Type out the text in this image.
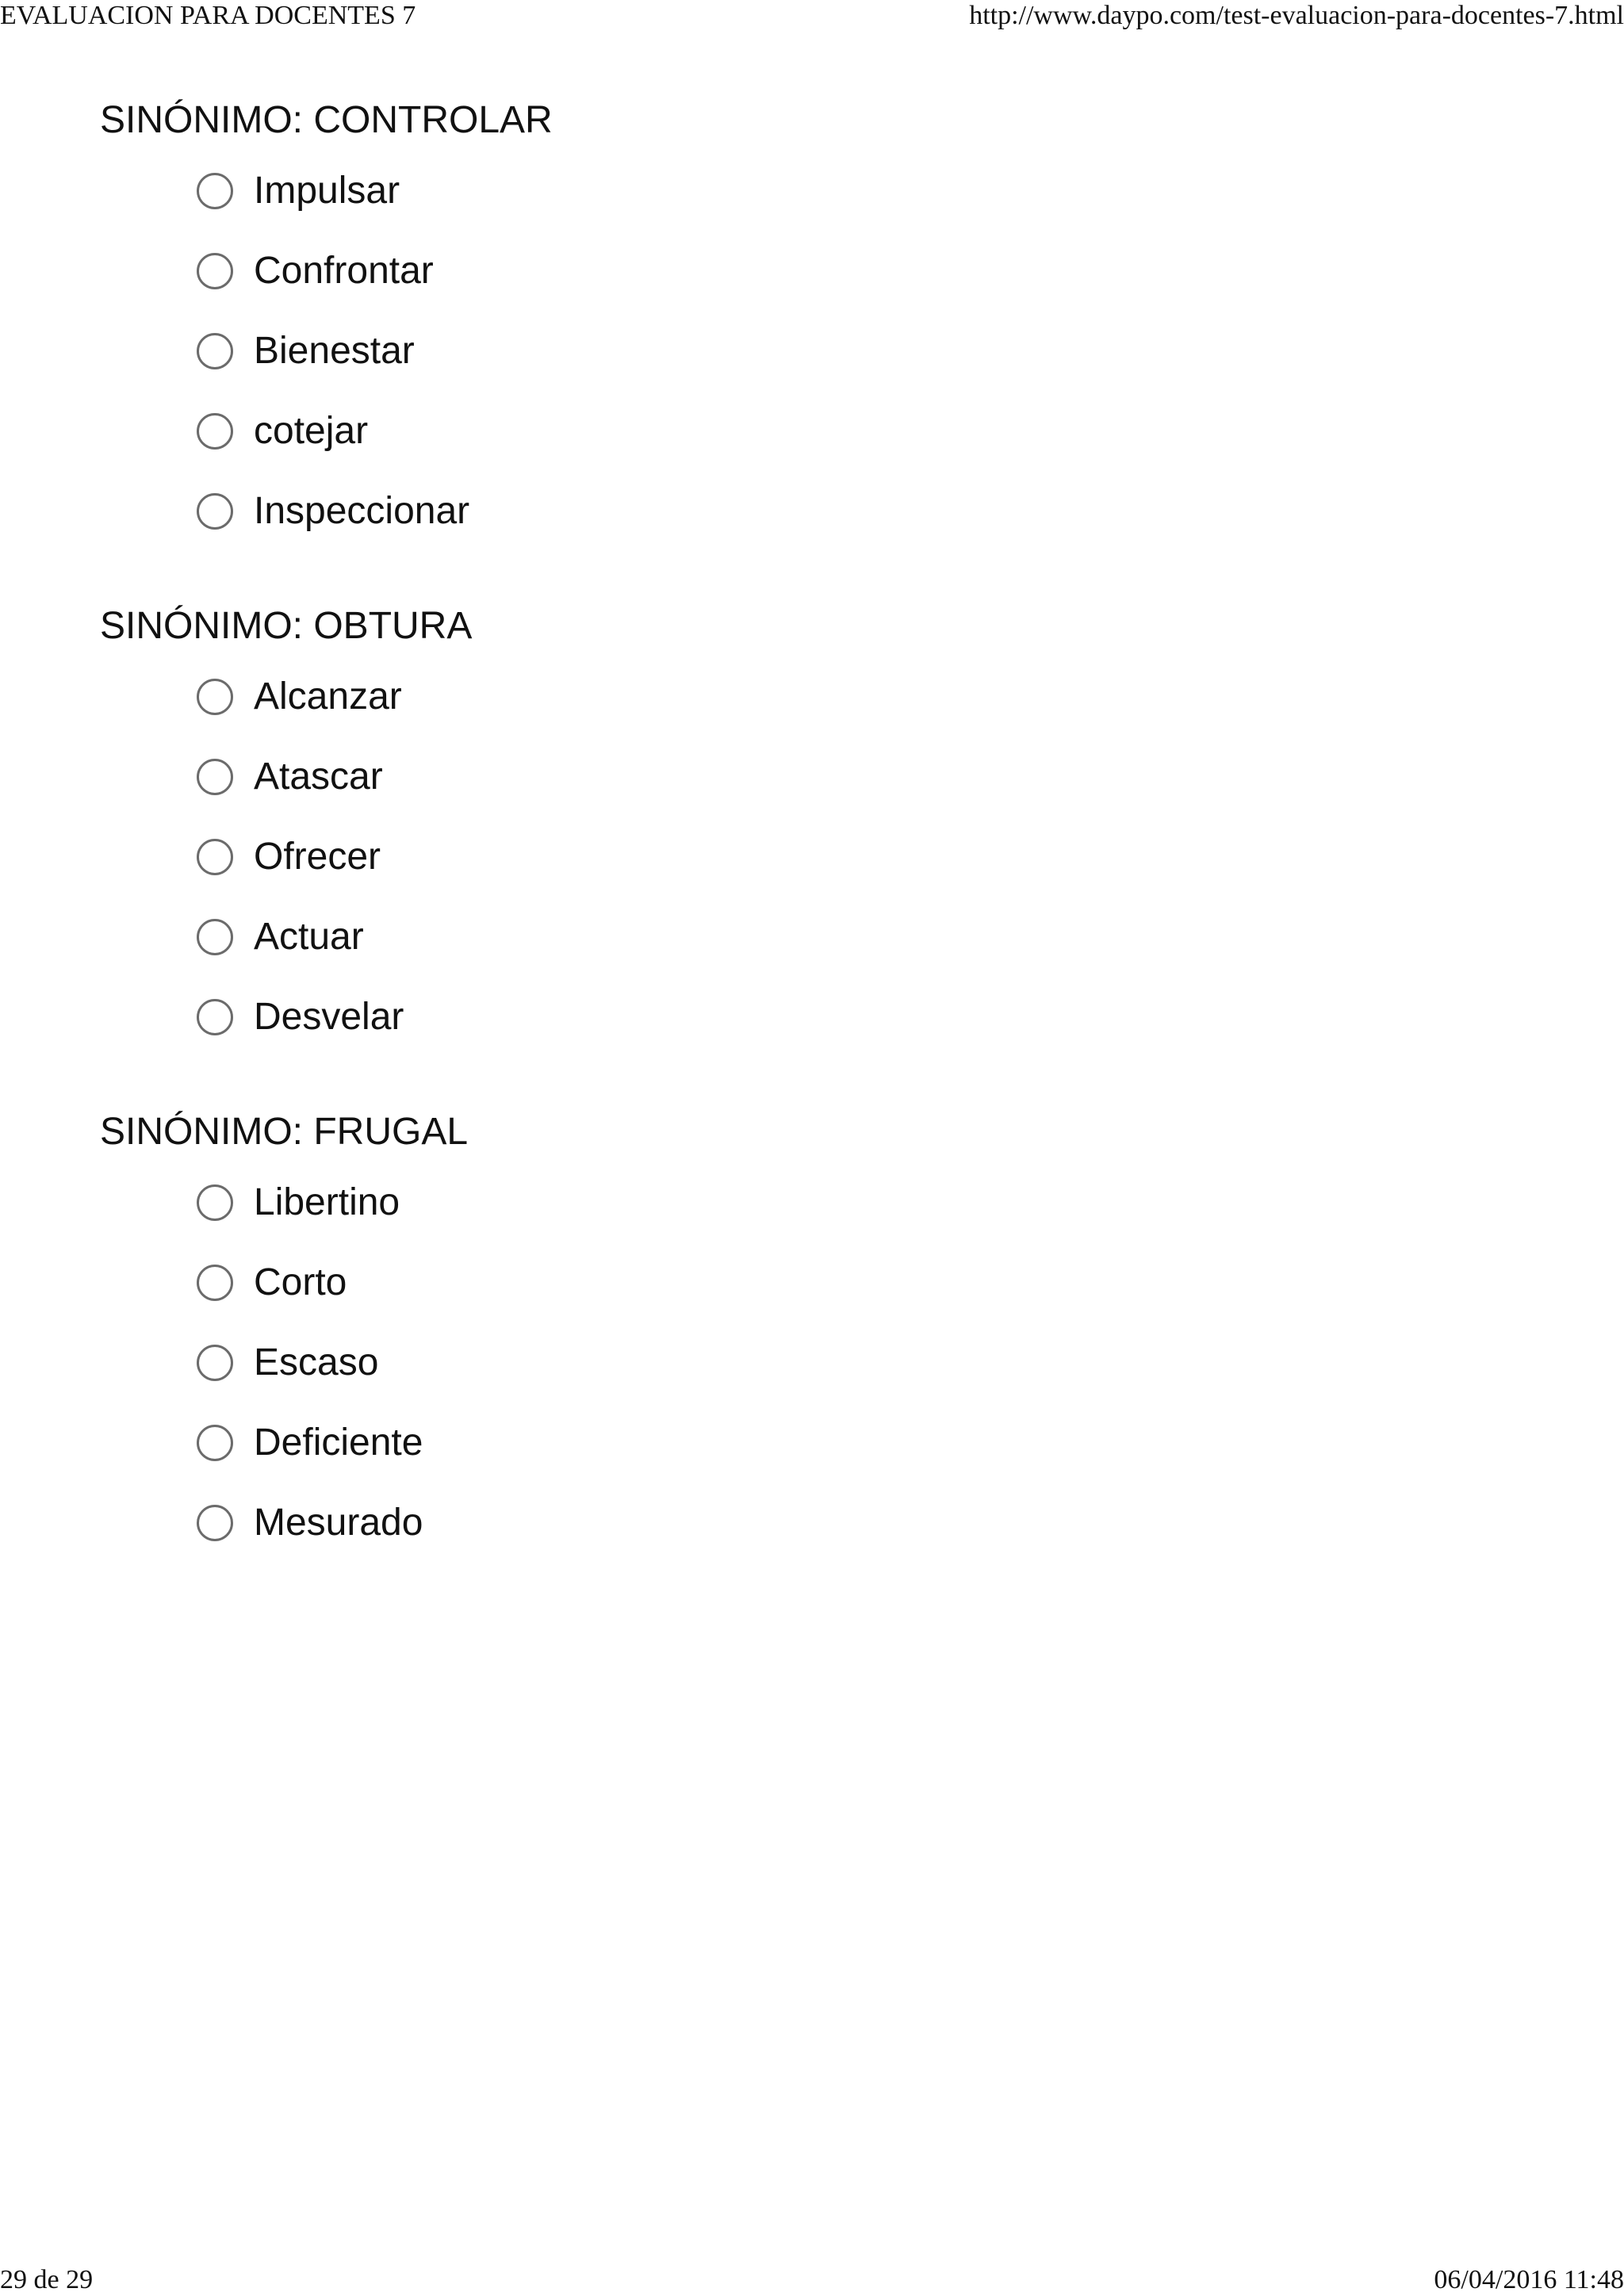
EVALUACION PARA DOCENTES 7	http://www.daypo.com/test-evaluacion-para-docentes-7.html
SINÓNIMO: CONTROLAR
Impulsar
Confrontar
Bienestar
cotejar
Inspeccionar
SINÓNIMO: OBTURA
Alcanzar
Atascar
Ofrecer
Actuar
Desvelar
SINÓNIMO: FRUGAL
Libertino
Corto
Escaso
Deficiente
Mesurado
29 de 29	06/04/2016 11:48
